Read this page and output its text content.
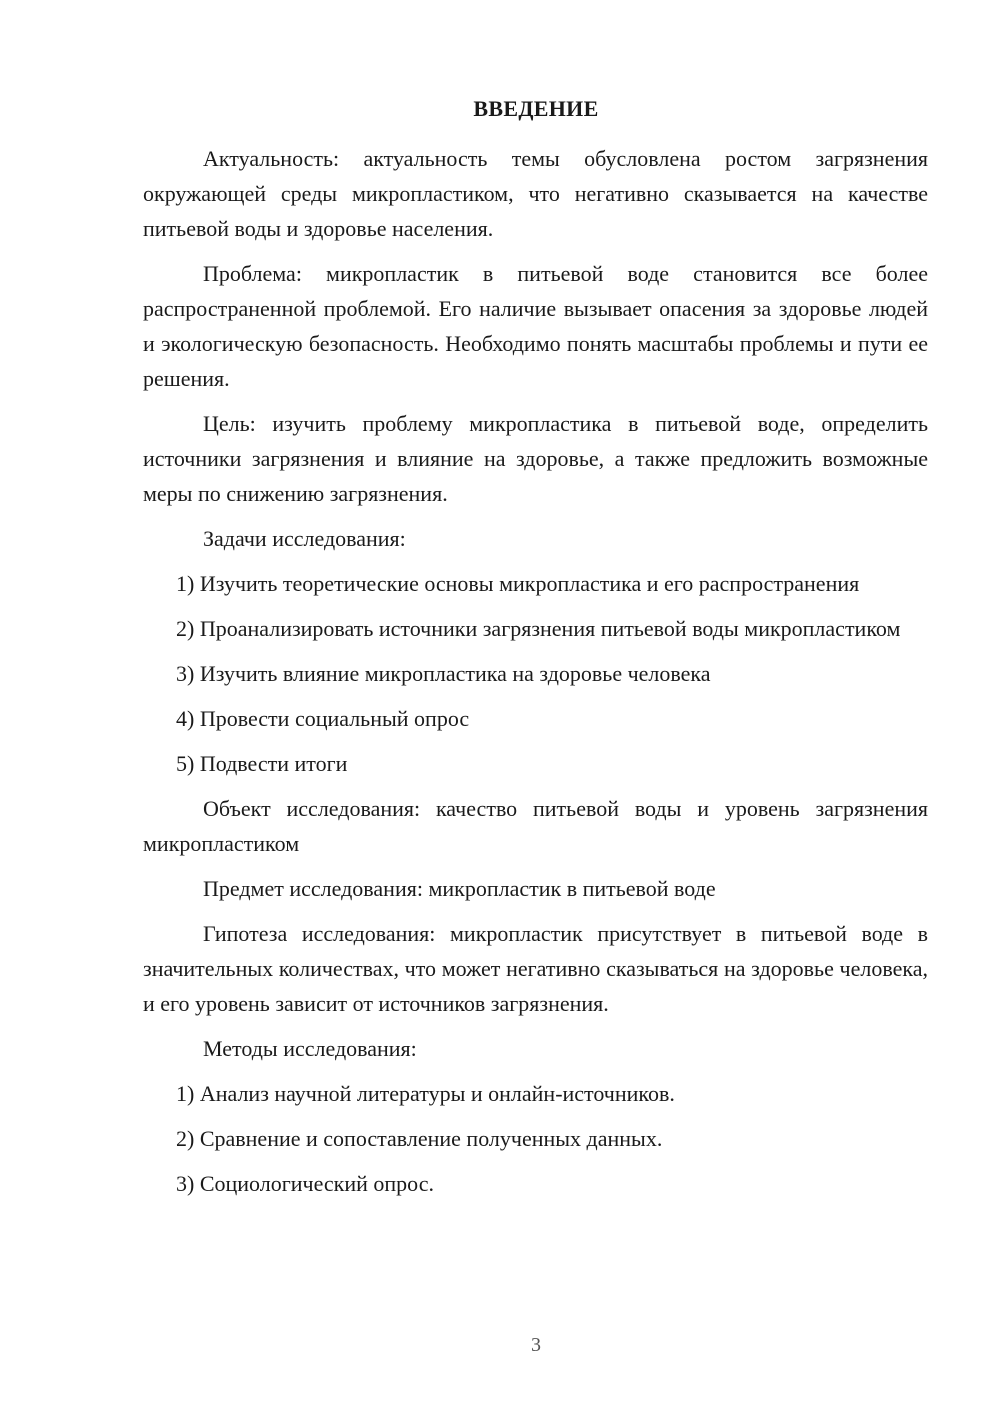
ВВЕДЕНИЕ

Актуальность: актуальность темы обусловлена ростом загрязнения окружающей среды микропластиком, что негативно сказывается на качестве питьевой воды и здоровье населения.

Проблема: микропластик в питьевой воде становится все более распространенной проблемой. Его наличие вызывает опасения за здоровье людей и экологическую безопасность. Необходимо понять масштабы проблемы и пути ее решения.

Цель: изучить проблему микропластика в питьевой воде, определить источники загрязнения и влияние на здоровье, а также предложить возможные меры по снижению загрязнения.

Задачи исследования:

1) Изучить теоретические основы микропластика и его распространения

2) Проанализировать источники загрязнения питьевой воды микропластиком

3) Изучить влияние микропластика на здоровье человека

4) Провести социальный опрос

5) Подвести итоги

Объект исследования: качество питьевой воды и уровень загрязнения микропластиком

Предмет исследования: микропластик в питьевой воде

Гипотеза исследования: микропластик присутствует в питьевой воде в значительных количествах, что может негативно сказываться на здоровье человека, и его уровень зависит от источников загрязнения.

Методы исследования:

1) Анализ научной литературы и онлайн-источников.

2) Сравнение и сопоставление полученных данных.

3) Социологический опрос.

3
